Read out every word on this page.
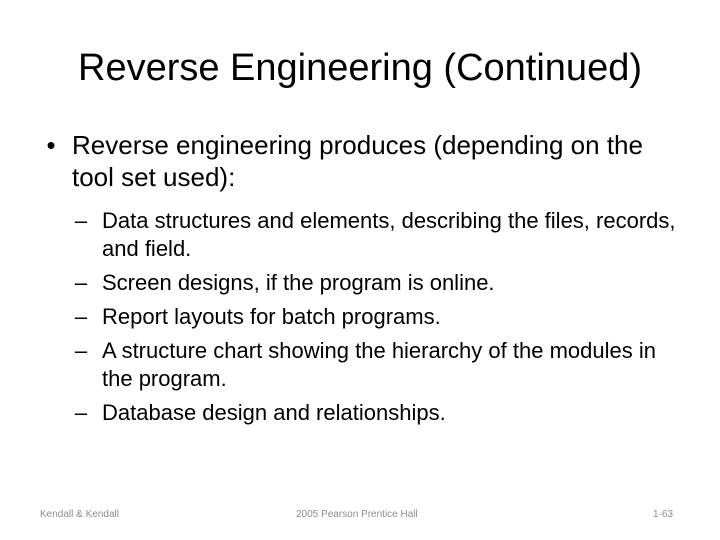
Reverse Engineering (Continued)
• Reverse engineering produces (depending on the tool set used):
– Data structures and elements, describing the files, records, and field.
– Screen designs, if the program is online.
– Report layouts for batch programs.
– A structure chart showing the hierarchy of the modules in the program.
– Database design and relationships.
Kendall & Kendall	2005 Pearson Prentice Hall	1-63
